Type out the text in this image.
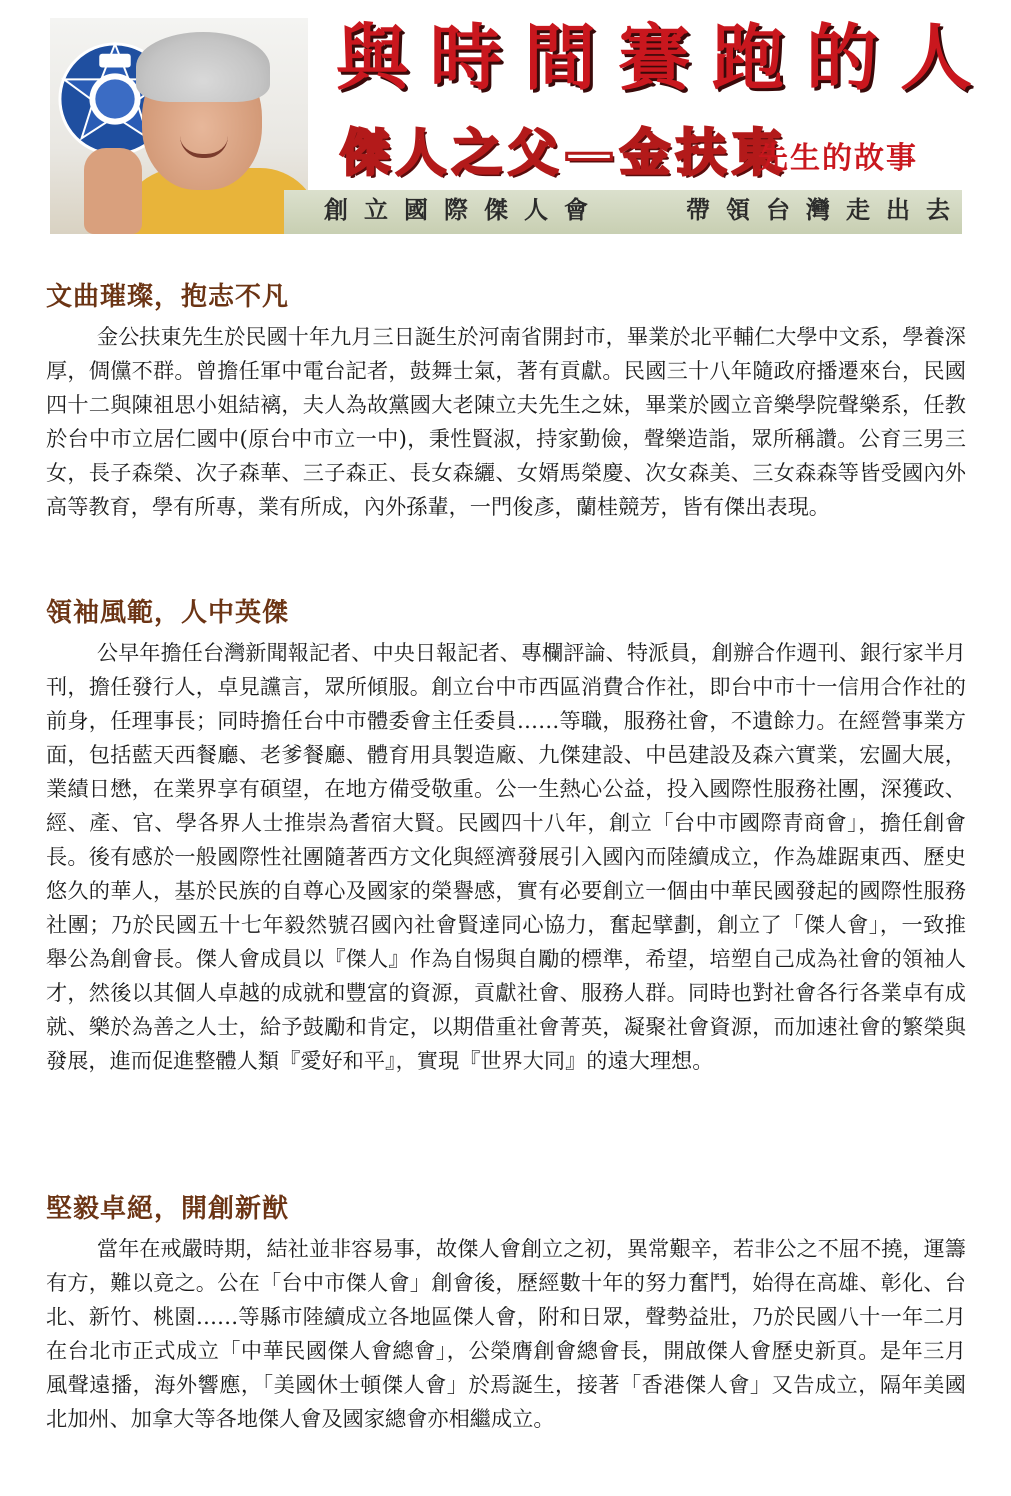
與時間賽跑的人
傑人之父—金扶東
先生的故事
創立國際傑人會	帶領台灣走出去
文曲璀璨，抱志不凡

金公扶東先生於民國十年九月三日誕生於河南省開封市，畢業於北平輔仁大學中文系，學養深厚，倜儻不群。曾擔任軍中電台記者，鼓舞士氣，著有貢獻。民國三十八年隨政府播遷來台，民國四十二與陳祖思小姐結褵，夫人為故黨國大老陳立夫先生之妹，畢業於國立音樂學院聲樂系，任教於台中市立居仁國中(原台中市立一中)，秉性賢淑，持家勤儉，聲樂造詣，眾所稱讚。公育三男三女，長子森榮、次子森華、三子森正、長女森纚、女婿馬榮慶、次女森美、三女森森等皆受國內外高等教育，學有所專，業有所成，內外孫輩，一門俊彥，蘭桂競芳，皆有傑出表現。

領袖風範，人中英傑

公早年擔任台灣新聞報記者、中央日報記者、專欄評論、特派員，創辦合作週刊、銀行家半月刊，擔任發行人，卓見讜言，眾所傾服。創立台中市西區消費合作社，即台中市十一信用合作社的前身，任理事長；同時擔任台中市體委會主任委員……等職，服務社會，不遺餘力。在經營事業方面，包括藍天西餐廳、老爹餐廳、體育用具製造廠、九傑建設、中邑建設及森六實業，宏圖大展，業績日懋，在業界享有碩望，在地方備受敬重。公一生熱心公益，投入國際性服務社團，深獲政、經、產、官、學各界人士推崇為耆宿大賢。民國四十八年，創立「台中市國際青商會」，擔任創會長。後有感於一般國際性社團隨著西方文化與經濟發展引入國內而陸續成立，作為雄踞東西、歷史悠久的華人，基於民族的自尊心及國家的榮譽感，實有必要創立一個由中華民國發起的國際性服務社團；乃於民國五十七年毅然號召國內社會賢達同心協力，奮起擘劃，創立了「傑人會」，一致推舉公為創會長。傑人會成員以『傑人』作為自惕與自勵的標準，希望，培塑自己成為社會的領袖人才，然後以其個人卓越的成就和豐富的資源，貢獻社會、服務人群。同時也對社會各行各業卓有成就、樂於為善之人士，給予鼓勵和肯定，以期借重社會菁英，凝聚社會資源，而加速社會的繁榮與發展，進而促進整體人類『愛好和平』，實現『世界大同』的遠大理想。

堅毅卓絕，開創新猷

當年在戒嚴時期，結社並非容易事，故傑人會創立之初，異常艱辛，若非公之不屈不撓，運籌有方，難以竟之。公在「台中市傑人會」創會後，歷經數十年的努力奮鬥，始得在高雄、彰化、台北、新竹、桃園……等縣市陸續成立各地區傑人會，附和日眾，聲勢益壯，乃於民國八十一年二月在台北市正式成立「中華民國傑人會總會」，公榮膺創會總會長，開啟傑人會歷史新頁。是年三月風聲遠播，海外響應，「美國休士頓傑人會」於焉誕生，接著「香港傑人會」又告成立，隔年美國北加州、加拿大等各地傑人會及國家總會亦相繼成立。
